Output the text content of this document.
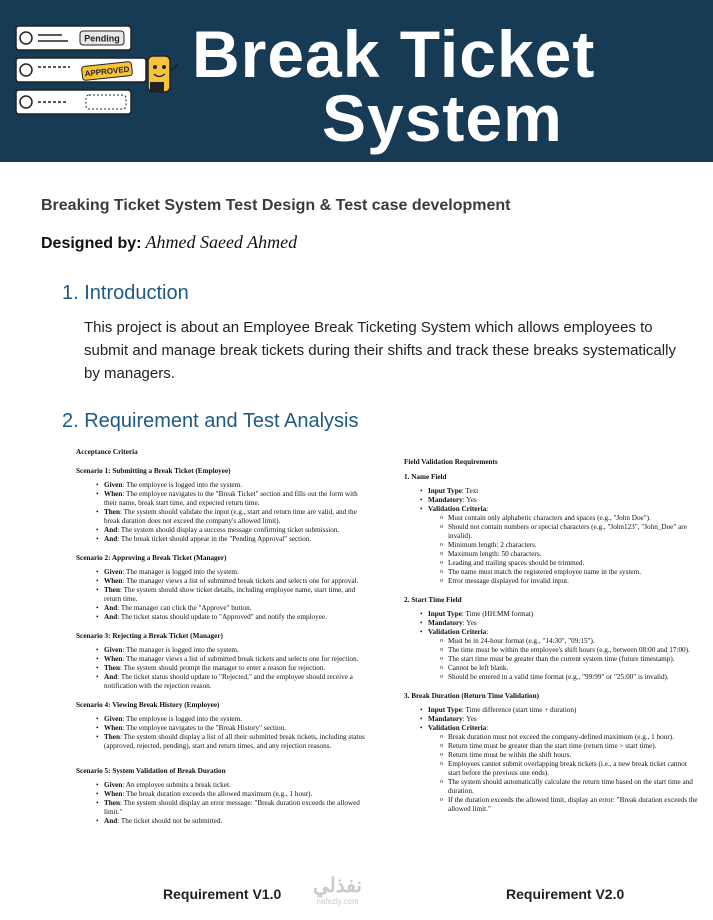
Pending
APPROVED Break Ticket
System
Breaking Ticket System Test Design & Test case development
Designed by: Ahmed Saeed Ahmed
1. Introduction
This project is about an Employee Break Ticketing System which allows employees to submit and manage break tickets during their shifts and track these breaks systematically by managers.
2. Requirement and Test Analysis
Acceptance Criteria
Scenario 1: Submitting a Break Ticket (Employee)
• Given: The employee is logged into the system.
• When: The employee navigates to the "Break Ticket" section and fills out the form with their name, break start time, and expected return time.
• Then: The system should validate the input (e.g., start and return time are valid, and the break duration does not exceed the company's allowed limit).
• And: The system should display a success message confirming ticket submission.
• And: The break ticket should appear in the "Pending Approval" section.
Scenario 2: Approving a Break Ticket (Manager)
• Given: The manager is logged into the system.
• When: The manager views a list of submitted break tickets and selects one for approval.
• Then: The system should show ticket details, including employee name, start time, and return time.
• And: The manager can click the "Approve" button.
• And: The ticket status should update to "Approved" and notify the employee.
Scenario 3: Rejecting a Break Ticket (Manager)
• Given: The manager is logged into the system.
• When: The manager views a list of submitted break tickets and selects one for rejection.
• Then: The system should prompt the manager to enter a reason for rejection.
• And: The ticket status should update to "Rejected," and the employee should receive a notification with the rejection reason.
Scenario 4: Viewing Break History (Employee)
• Given: The employee is logged into the system.
• When: The employee navigates to the "Break History" section.
• Then: The system should display a list of all their submitted break tickets, including status (approved, rejected, pending), start and return times, and any rejection reasons.
Scenario 5: System Validation of Break Duration
• Given: An employee submits a break ticket.
• When: The break duration exceeds the allowed maximum (e.g., 1 hour).
• Then: The system should display an error message: "Break duration exceeds the allowed limit."
• And: The ticket should not be submitted.
Field Validation Requirements
1. Name Field
• Input Type: Text
• Mandatory: Yes
• Validation Criteria:
o Must contain only alphabetic characters and spaces (e.g., "John Doe").
o Should not contain numbers or special characters (e.g., "John123", "John_Doe" are invalid).
o Minimum length: 2 characters.
o Maximum length: 50 characters.
o Leading and trailing spaces should be trimmed.
o The name must match the registered employee name in the system.
o Error message displayed for invalid input.
2. Start Time Field
• Input Type: Time (HH:MM format)
• Mandatory: Yes
• Validation Criteria:
o Must be in 24-hour format (e.g., "14:30", "09:15").
o The time must be within the employee's shift hours (e.g., between 08:00 and 17:00).
o The start time must be greater than the current system time (future timestamp).
o Cannot be left blank.
o Should be entered in a valid time format (e.g., "99:99" or "25:00" is invalid).
3. Break Duration (Return Time Validation)
• Input Type: Time difference (start time + duration)
• Mandatory: Yes
• Validation Criteria:
o Break duration must not exceed the company-defined maximum (e.g., 1 hour).
o Return time must be greater than the start time (return time > start time).
o Return time must be within the shift hours.
o Employees cannot submit overlapping break tickets (i.e., a new break ticket cannot start before the previous one ends).
o The system should automatically calculate the return time based on the start time and duration.
o If the duration exceeds the allowed limit, display an error: "Break duration exceeds the allowed limit."
Requirement V1.0	Requirement V2.0
نفذلي
nafezly.com
